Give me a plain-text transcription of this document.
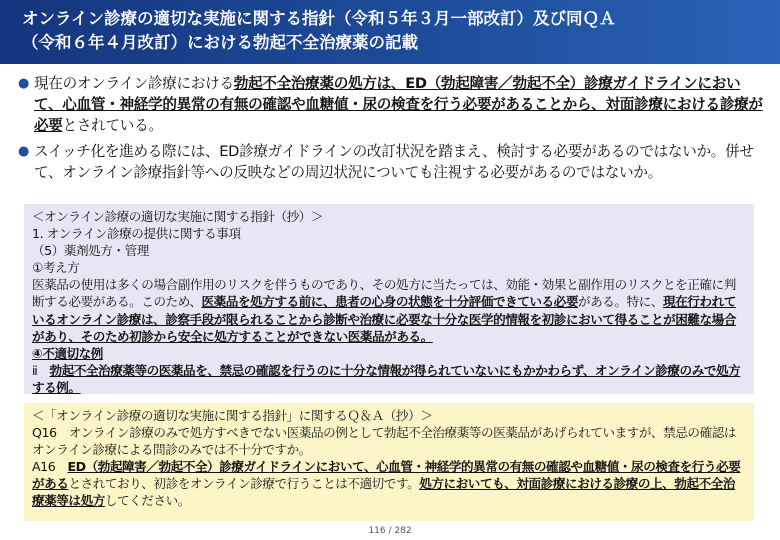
オンライン診療の適切な実施に関する指針（令和５年３月一部改訂）及び同ＱＡ
（令和６年４月改訂）における勃起不全治療薬の記載
● 現在のオンライン診療における勃起不全治療薬の処方は、ED（勃起障害／勃起不全）診療ガイドラインにおいて、心血管・神経学的異常の有無の確認や血糖値・尿の検査を行う必要があることから、対面診療における診療が必要とされている。
● スイッチ化を進める際には、ED診療ガイドラインの改訂状況を踏まえ、検討する必要があるのではないか。併せて、オンライン診療指針等への反映などの周辺状況についても注視する必要があるのではないか。
＜オンライン診療の適切な実施に関する指針（抄）＞
1. オンライン診療の提供に関する事項
（5）薬剤処方・管理
①考え方
医薬品の使用は多くの場合副作用のリスクを伴うものであり、その処方に当たっては、効能・効果と副作用のリスクとを正確に判断する必要がある。このため、医薬品を処方する前に、患者の心身の状態を十分評価できている必要がある。特に、現在行われているオンライン診療は、診察手段が限られることから診断や治療に必要な十分な医学的情報を初診において得ることが困難な場合があり、そのため初診から安全に処方することができない医薬品がある。
④不適切な例
ⅱ　勃起不全治療薬等の医薬品を、禁忌の確認を行うのに十分な情報が得られていないにもかかわらず、オンライン診療のみで処方する例。
＜「オンライン診療の適切な実施に関する指針」に関するＱ＆Ａ（抄）＞
Q16　オンライン診療のみで処方すべきでない医薬品の例として勃起不全治療薬等の医薬品があげられていますが、禁忌の確認はオンライン診療による問診のみでは不十分ですか。
A16　ED（勃起障害／勃起不全）診療ガイドラインにおいて、心血管・神経学的異常の有無の確認や血糖値・尿の検査を行う必要があるとされており、初診をオンライン診療で行うことは不適切です。処方においても、対面診療における診療の上、勃起不全治療薬等は処方してください。
116 / 282
